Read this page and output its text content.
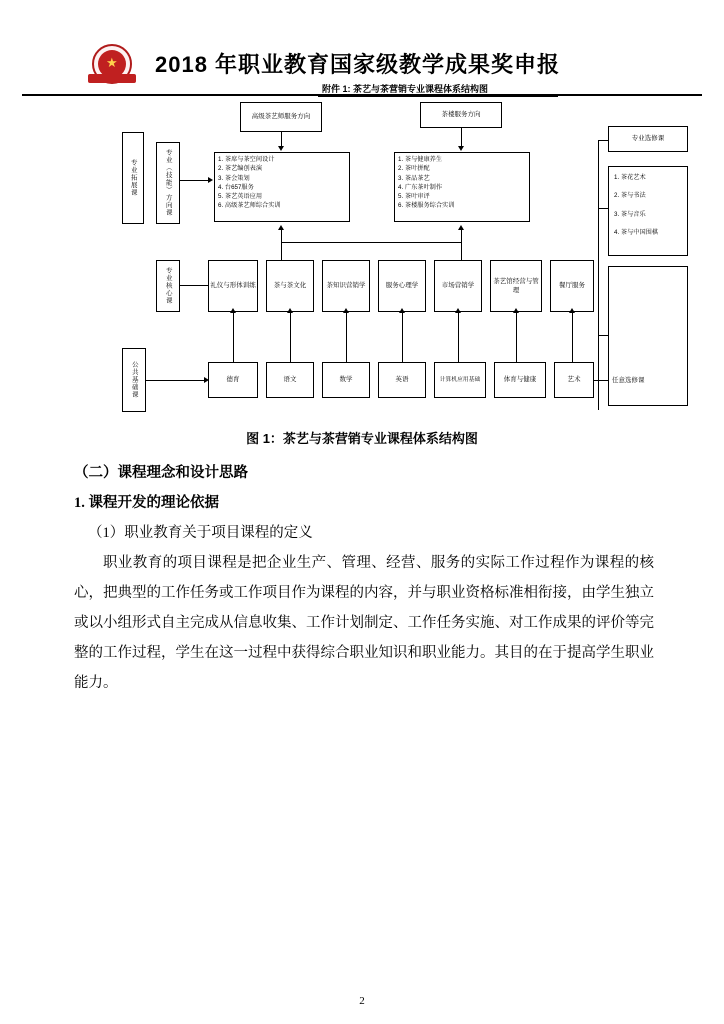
★ 2018 年职业教育国家级教学成果奖申报
附件 1: 茶艺与茶营销专业课程体系结构图
高级茶艺师服务方向	茶楼服务方向
1. 茶席与茶空间设计
2. 茶艺编创表演
3. 茶会策划
4. 台657服务
5. 茶艺英语应用
6. 高级茶艺师综合实训
1. 茶与健康养生
2. 茶叶拼配
3. 茶品茶艺
4. 广东茶叶制作
5. 茶叶审评
6. 茶楼服务综合实训
专业拓展课	专业（技能）方向课
专业核心课
公共基础课
礼仪与形体训练	茶与茶文化	茶知识营销学	服务心理学	市场营销学
茶艺馆经营与管理
餐厅服务
德育	语文	数学	英语	计算机应用基础	体育与健康	艺术
专业选修课
1. 茶花艺术
2. 茶与书法
3. 茶与音乐
4. 茶与中国围棋
任意选修课
图 1：茶艺与茶营销专业课程体系结构图

（二）课程理念和设计思路

1. 课程开发的理论依据

（1）职业教育关于项目课程的定义

职业教育的项目课程是把企业生产、管理、经营、服务的实际工作过程作为课程的核心，把典型的工作任务或工作项目作为课程的内容，并与职业资格标准相衔接，由学生独立或以小组形式自主完成从信息收集、工作计划制定、工作任务实施、对工作成果的评价等完整的工作过程，学生在这一过程中获得综合职业知识和职业能力。其目的在于提高学生职业能力。

2
